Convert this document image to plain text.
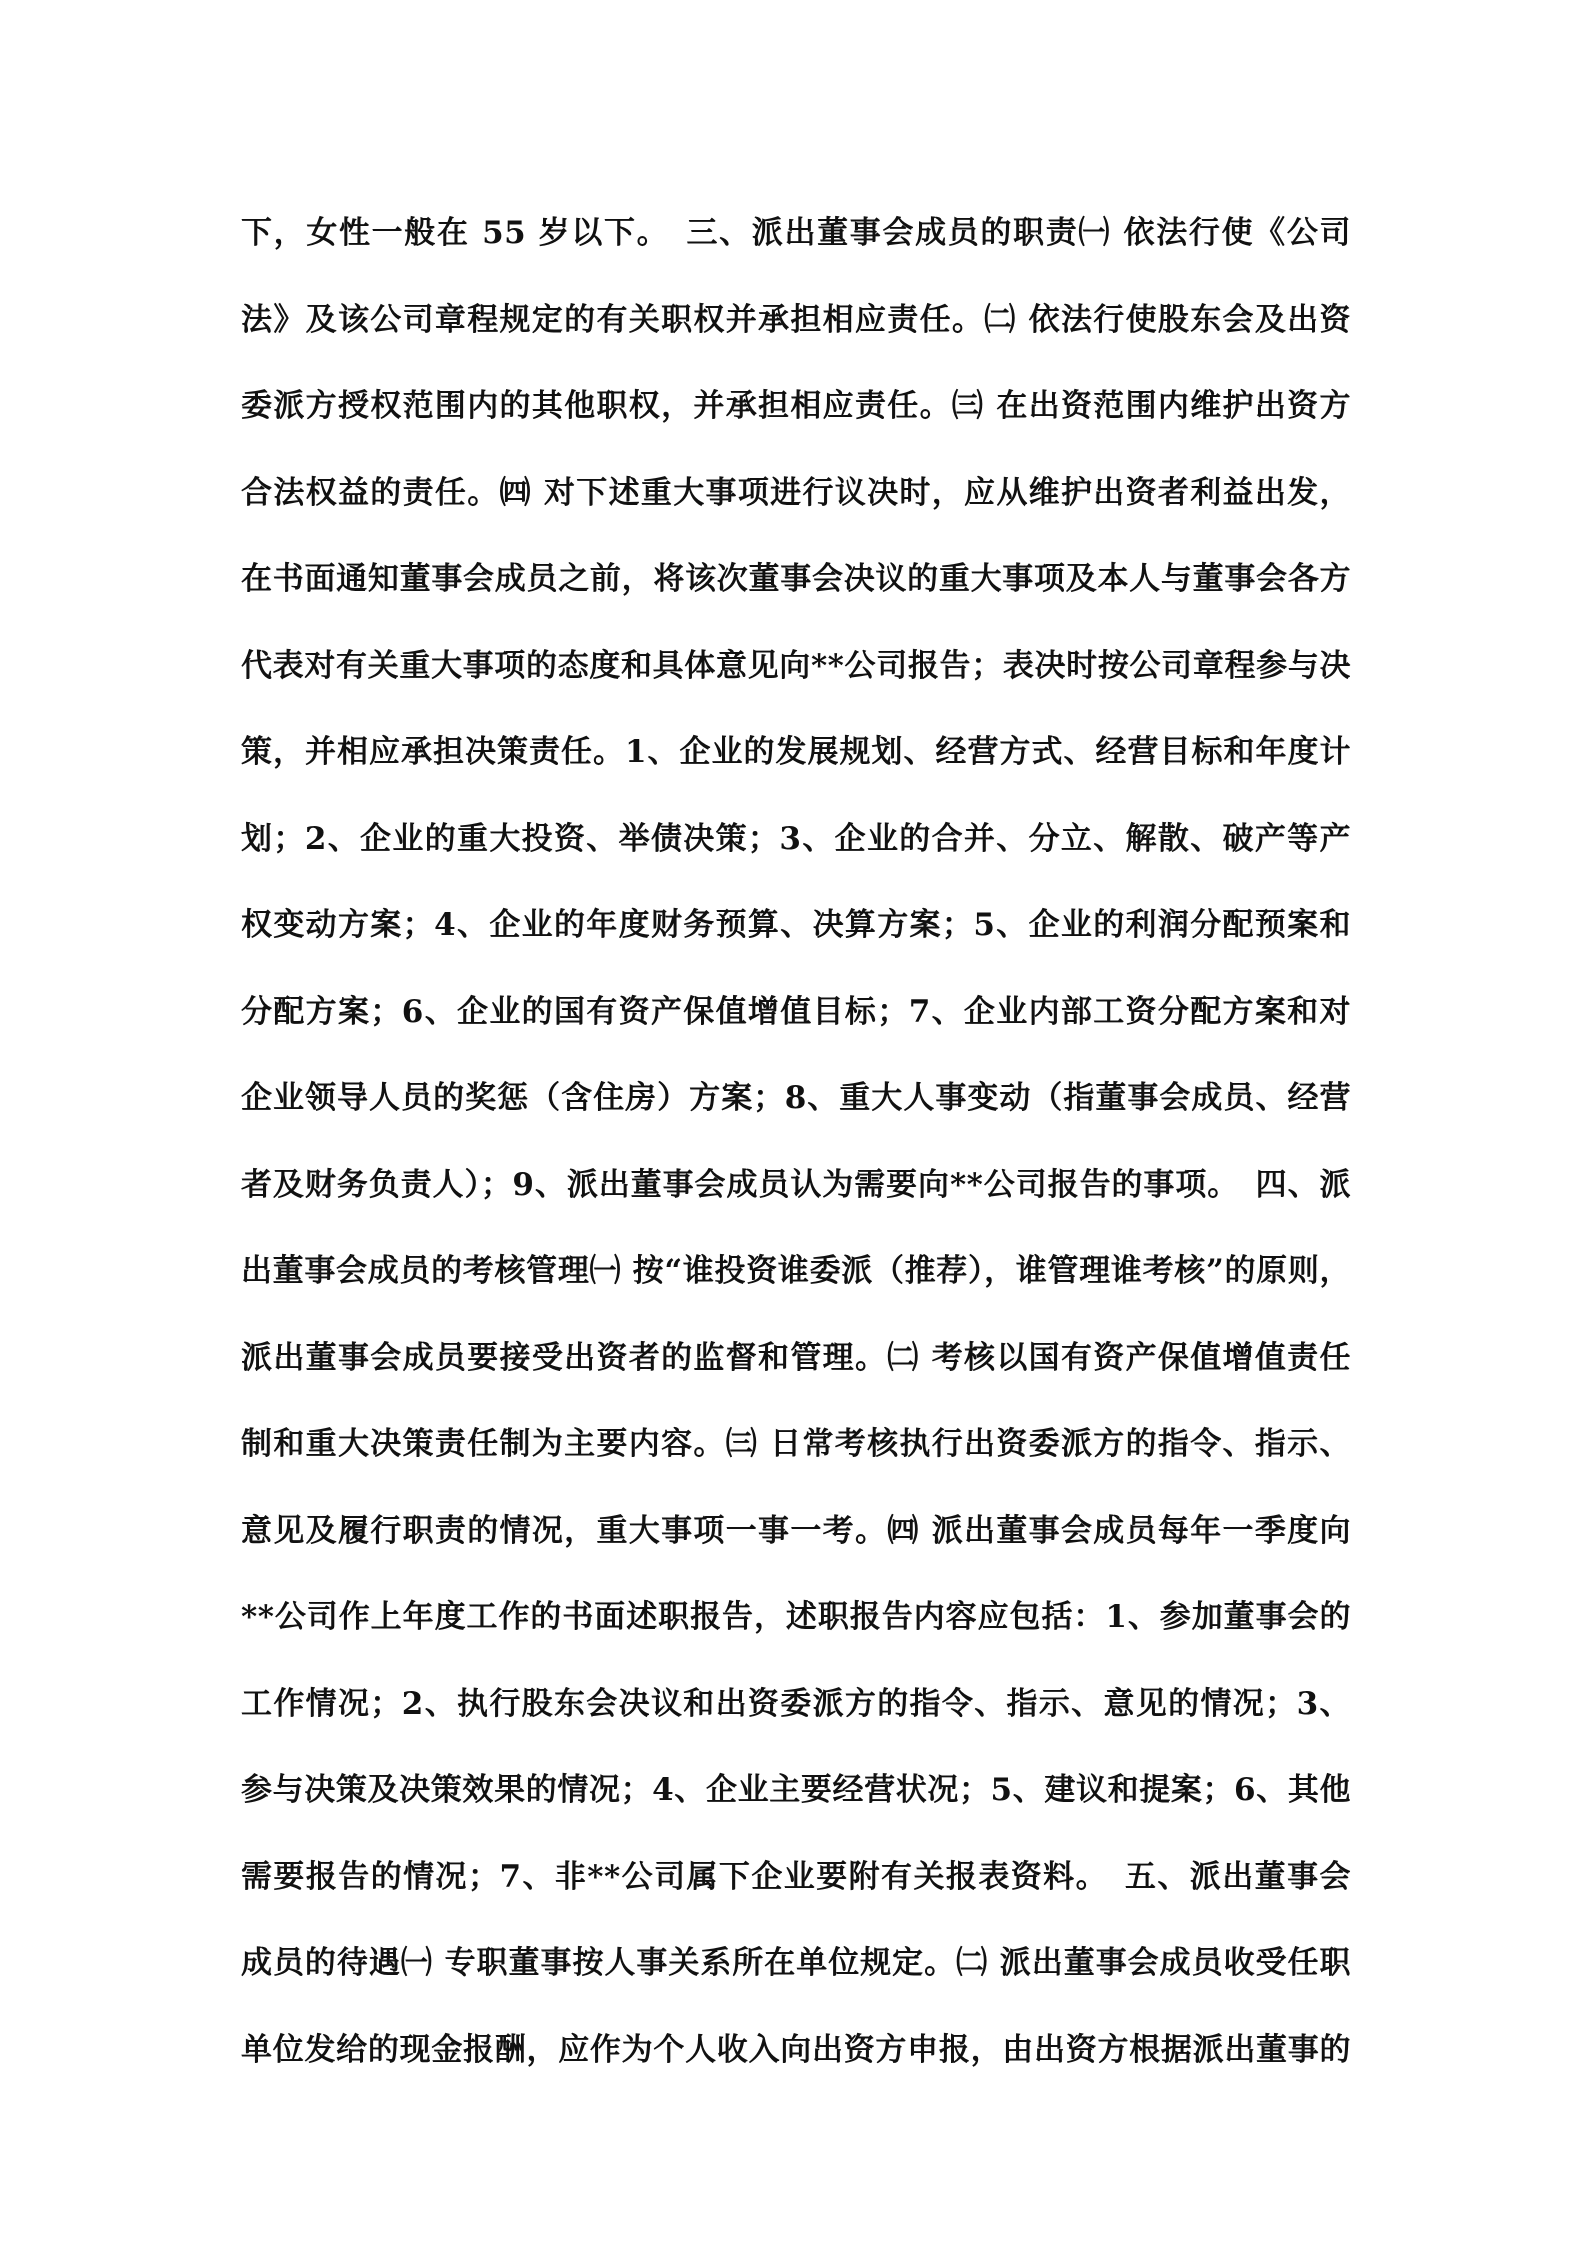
下，女性一般在 55 岁以下。　三、派出董事会成员的职责㈠ 依法行使《公司
法》及该公司章程规定的有关职权并承担相应责任。㈡ 依法行使股东会及出资
委派方授权范围内的其他职权，并承担相应责任。㈢ 在出资范围内维护出资方
合法权益的责任。㈣ 对下述重大事项进行议决时，应从维护出资者利益出发，
在书面通知董事会成员之前，将该次董事会决议的重大事项及本人与董事会各方
代表对有关重大事项的态度和具体意见向**公司报告；表决时按公司章程参与决
策，并相应承担决策责任。1、企业的发展规划、经营方式、经营目标和年度计
划；2、企业的重大投资、举债决策；3、企业的合并、分立、解散、破产等产
权变动方案；4、企业的年度财务预算、决算方案；5、企业的利润分配预案和
分配方案；6、企业的国有资产保值增值目标；7、企业内部工资分配方案和对
企业领导人员的奖惩（含住房）方案；8、重大人事变动（指董事会成员、经营
者及财务负责人）；9、派出董事会成员认为需要向**公司报告的事项。　四、派
出董事会成员的考核管理㈠ 按“谁投资谁委派（推荐），谁管理谁考核”的原则，
派出董事会成员要接受出资者的监督和管理。㈡ 考核以国有资产保值增值责任
制和重大决策责任制为主要内容。㈢ 日常考核执行出资委派方的指令、指示、
意见及履行职责的情况，重大事项一事一考。㈣ 派出董事会成员每年一季度向
**公司作上年度工作的书面述职报告，述职报告内容应包括：1、参加董事会的
工作情况；2、执行股东会决议和出资委派方的指令、指示、意见的情况；3、
参与决策及决策效果的情况；4、企业主要经营状况；5、建议和提案；6、其他
需要报告的情况；7、非**公司属下企业要附有关报表资料。　五、派出董事会
成员的待遇㈠ 专职董事按人事关系所在单位规定。㈡ 派出董事会成员收受任职
单位发给的现金报酬，应作为个人收入向出资方申报，由出资方根据派出董事的
